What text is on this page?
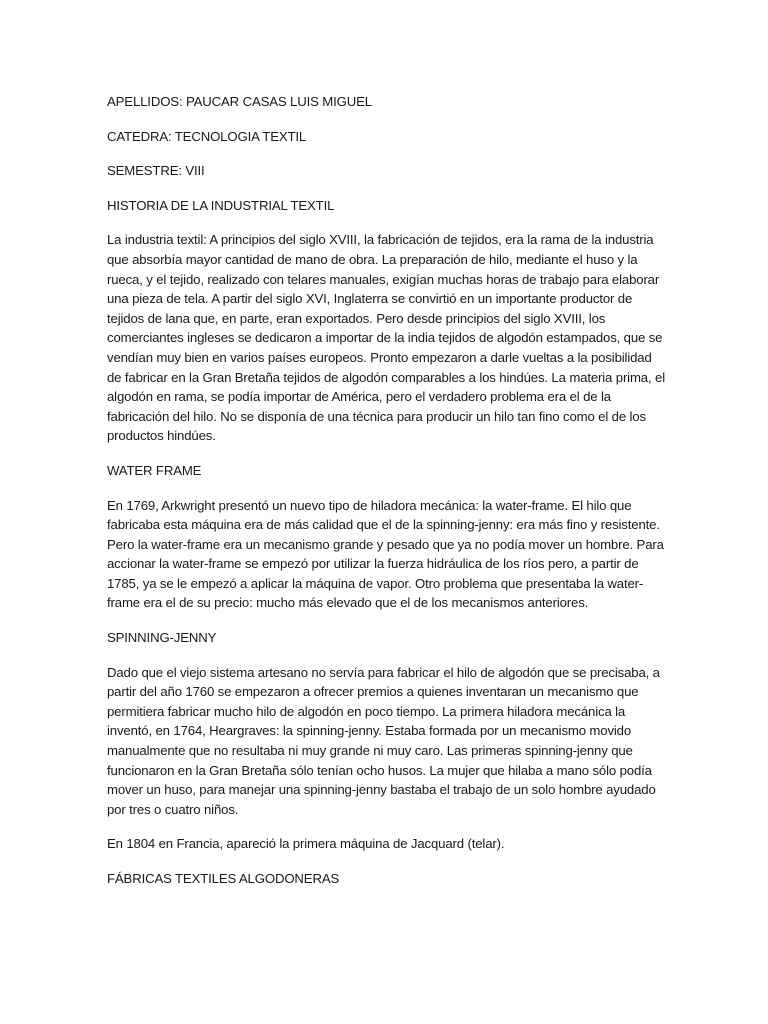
APELLIDOS: PAUCAR CASAS LUIS MIGUEL

CATEDRA: TECNOLOGIA TEXTIL

SEMESTRE: VIII

HISTORIA DE LA INDUSTRIAL TEXTIL

La industria textil: A principios del siglo XVIII, la fabricación de tejidos, era la rama de la industria que absorbía mayor cantidad de mano de obra. La preparación de hilo, mediante el huso y la rueca, y el tejido, realizado con telares manuales, exigían muchas horas de trabajo para elaborar una pieza de tela. A partir del siglo XVI, Inglaterra se convirtió en un importante productor de tejidos de lana que, en parte, eran exportados. Pero desde principios del siglo XVIII, los comerciantes ingleses se dedicaron a importar de la india tejidos de algodón estampados, que se vendían muy bien en varios países europeos. Pronto empezaron a darle vueltas a la posibilidad de fabricar en la Gran Bretaña tejidos de algodón comparables a los hindúes. La materia prima, el algodón en rama, se podía importar de América, pero el verdadero problema era el de la fabricación del hilo. No se disponía de una técnica para producir un hilo tan fino como el de los productos hindúes.

WATER FRAME

En 1769, Arkwright presentó un nuevo tipo de hiladora mecánica: la water-frame. El hilo que fabricaba esta máquina era de más calidad que el de la spinning-jenny: era más fino y resistente. Pero la water-frame era un mecanismo grande y pesado que ya no podía mover un hombre. Para accionar la water-frame se empezó por utilizar la fuerza hidráulica de los ríos pero, a partir de 1785, ya se le empezó a aplicar la máquina de vapor. Otro problema que presentaba la water-frame era el de su precio: mucho más elevado que el de los mecanismos anteriores.

SPINNING-JENNY

Dado que el viejo sistema artesano no servía para fabricar el hilo de algodón que se precisaba, a partir del año 1760 se empezaron a ofrecer premios a quienes inventaran un mecanismo que permitiera fabricar mucho hilo de algodón en poco tiempo. La primera hiladora mecánica la inventó, en 1764, Heargraves: la spinning-jenny. Estaba formada por un mecanismo movido manualmente que no resultaba ni muy grande ni muy caro. Las primeras spinning-jenny que funcionaron en la Gran Bretaña sólo tenían ocho husos. La mujer que hilaba a mano sólo podía mover un huso, para manejar una spinning-jenny bastaba el trabajo de un solo hombre ayudado por tres o cuatro niños.

En 1804 en Francia, apareció la primera máquina de Jacquard (telar).

FÁBRICAS TEXTILES ALGODONERAS
